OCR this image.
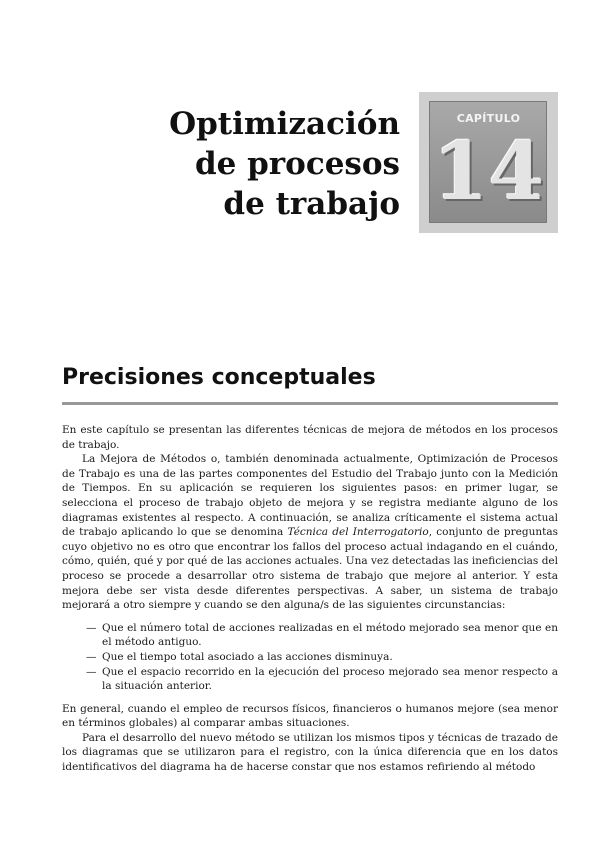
Optimización
de procesos
de trabajo
CAPÍTULO
14
Precisiones conceptuales

En este capítulo se presentan las diferentes técnicas de mejora de métodos en los procesos de trabajo.

La Mejora de Métodos o, también denominada actualmente, Optimización de Procesos de Trabajo es una de las partes componentes del Estudio del Trabajo junto con la Medición de Tiempos. En su aplicación se requieren los siguientes pasos: en primer lugar, se selecciona el proceso de trabajo objeto de mejora y se registra mediante alguno de los diagramas existentes al respecto. A continuación, se analiza críticamente el sistema actual de trabajo aplicando lo que se denomina Técnica del Interrogatorio, conjunto de preguntas cuyo objetivo no es otro que encontrar los fallos del proceso actual indagando en el cuándo, cómo, quién, qué y por qué de las acciones actuales. Una vez detectadas las ineficiencias del proceso se procede a desarrollar otro sistema de trabajo que mejore al anterior. Y esta mejora debe ser vista desde diferentes perspectivas. A saber, un sistema de trabajo mejorará a otro siempre y cuando se den alguna/s de las siguientes circunstancias:

— Que el número total de acciones realizadas en el método mejorado sea menor que en el método antiguo.
— Que el tiempo total asociado a las acciones disminuya.
— Que el espacio recorrido en la ejecución del proceso mejorado sea menor respecto a la situación anterior.

En general, cuando el empleo de recursos físicos, financieros o humanos mejore (sea menor en términos globales) al comparar ambas situaciones.

Para el desarrollo del nuevo método se utilizan los mismos tipos y técnicas de trazado de los diagramas que se utilizaron para el registro, con la única diferencia que en los datos identificativos del diagrama ha de hacerse constar que nos estamos refiriendo al método
